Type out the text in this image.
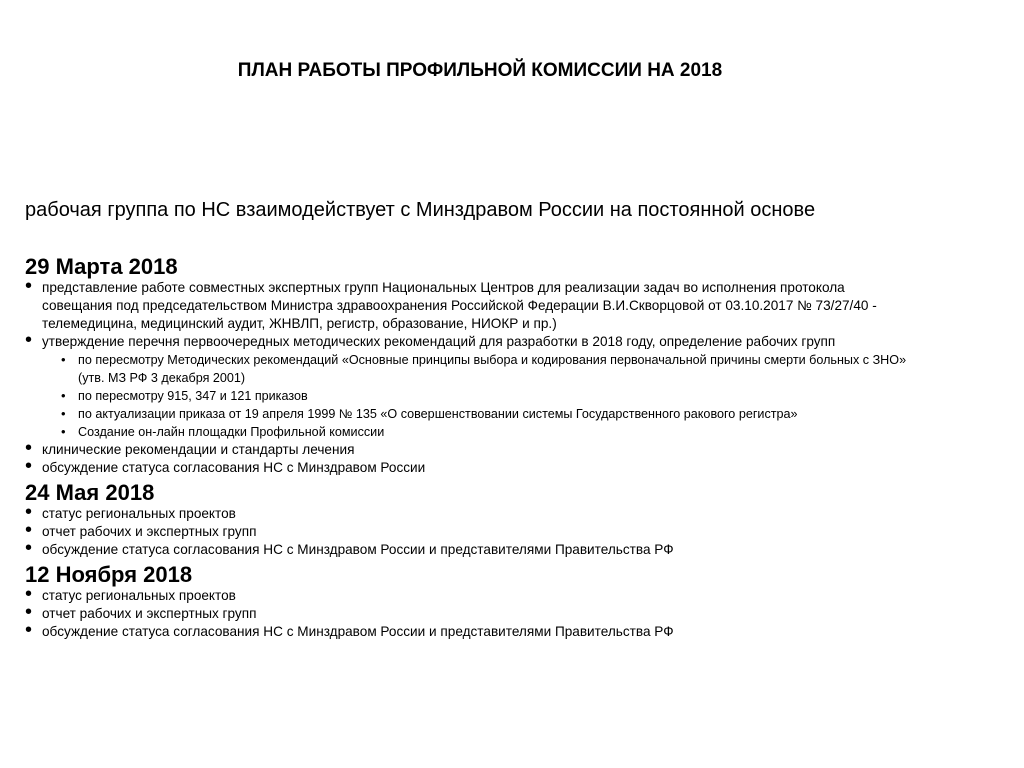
ПЛАН РАБОТЫ ПРОФИЛЬНОЙ КОМИССИИ НА 2018
рабочая группа по НС взаимодействует с Минздравом России на постоянной основе
29 Марта 2018
• представление работе совместных экспертных групп Национальных Центров для реализации задач во исполнения протокола
совещания под председательством Министра здравоохранения Российской Федерации В.И.Скворцовой от 03.10.2017 № 73/27/40 -
телемедицина, медицинский аудит, ЖНВЛП, регистр, образование, НИОКР и пр.)
• утверждение перечня первоочередных методических рекомендаций для разработки в 2018 году, определение рабочих групп
• по пересмотру Методических рекомендаций «Основные принципы выбора и кодирования первоначальной причины смерти больных с ЗНО»
(утв. МЗ РФ 3 декабря 2001)
• по пересмотру 915, 347 и 121 приказов
• по актуализации приказа от 19 апреля 1999 № 135 «О совершенствовании системы Государственного ракового регистра»
• Создание он-лайн площадки Профильной комиссии
• клинические рекомендации и стандарты лечения
• обсуждение статуса согласования НС с Минздравом России
24 Мая 2018
• статус региональных проектов
• отчет рабочих и экспертных групп
• обсуждение статуса согласования НС с Минздравом России и представителями Правительства РФ
12 Ноября 2018
• статус региональных проектов
• отчет рабочих и экспертных групп
• обсуждение статуса согласования НС с Минздравом России и представителями Правительства РФ
